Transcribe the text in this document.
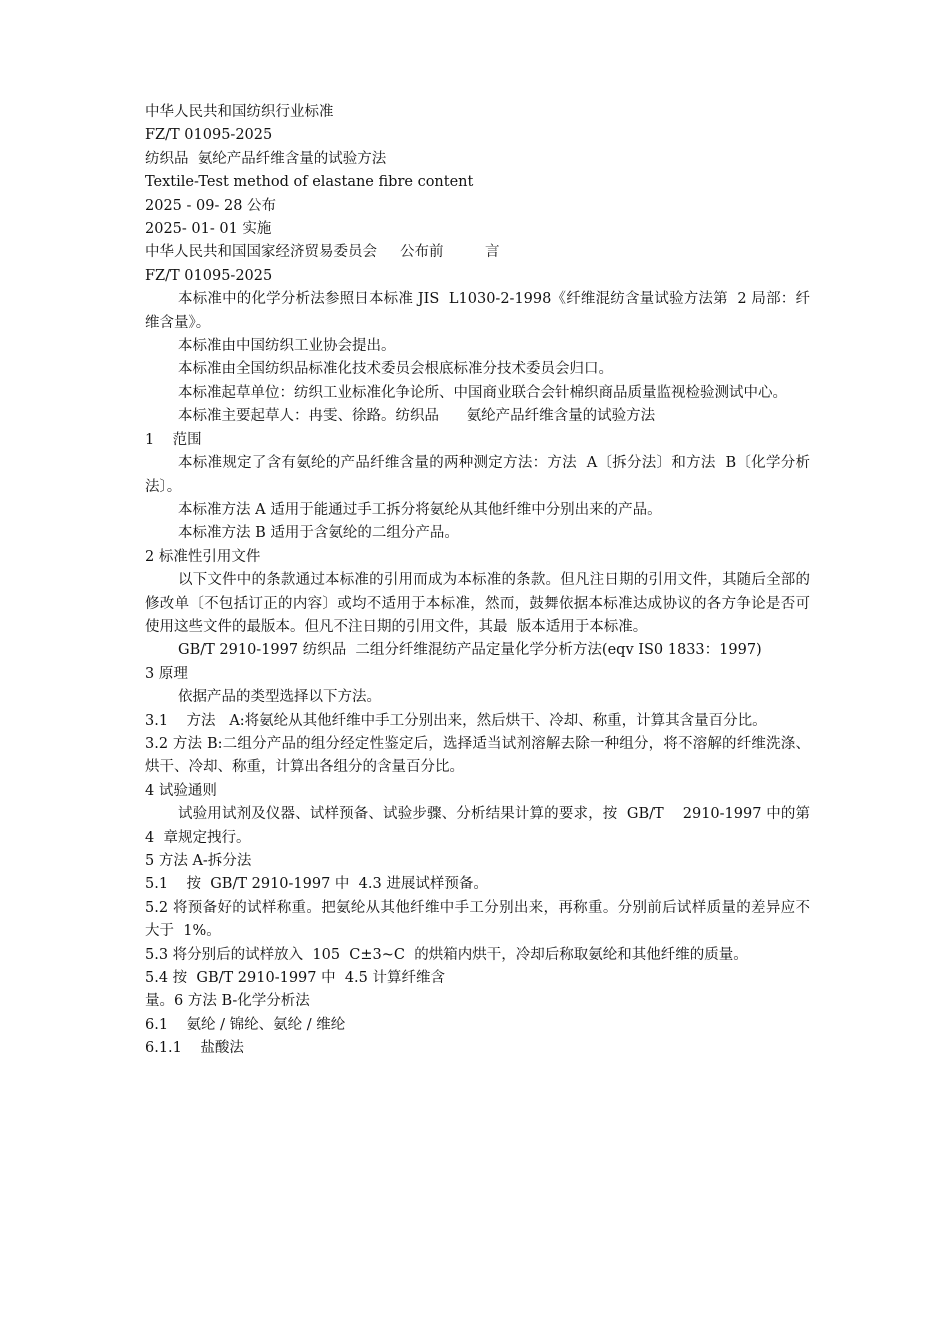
中华人民共和国纺织行业标准
FZ/T 01095-2025
纺织品  氨纶产品纤维含量的试验方法
Textile-Test method of elastane fibre content
2025 - 09- 28 公布
2025- 01- 01 实施
中华人民共和国国家经济贸易委员会     公布前         言
FZ/T 01095-2025
本标准中的化学分析法参照日本标准 JIS  L1030-2-1998《纤维混纺含量试验方法第  2 局部：纤维含量》。
本标准由中国纺织工业协会提出。
本标准由全国纺织品标准化技术委员会根底标准分技术委员会归口。
本标准起草单位：纺织工业标准化争论所、中国商业联合会针棉织商品质量监视检验测试中心。
本标准主要起草人：冉雯、徐路。纺织品      氨纶产品纤维含量的试验方法
1    范围
本标准规定了含有氨纶的产品纤维含量的两种测定方法：方法  A〔拆分法〕和方法  B〔化学分析法〕。
本标准方法 A 适用于能通过手工拆分将氨纶从其他纤维中分别出来的产品。
本标准方法 B 适用于含氨纶的二组分产品。
2 标准性引用文件
以下文件中的条款通过本标准的引用而成为本标准的条款。但凡注日期的引用文件，其随后全部的修改单〔不包括订正的内容〕或均不适用于本标准，然而，鼓舞依据本标准达成协议的各方争论是否可使用这些文件的最版本。但凡不注日期的引用文件，其最  版本适用于本标准。
GB/T 2910-1997 纺织品  二组分纤维混纺产品定量化学分析方法(eqv IS0 1833：1997)
3 原理
依据产品的类型选择以下方法。
3.1    方法   A:将氨纶从其他纤维中手工分别出来，然后烘干、冷却、称重，计算其含量百分比。
3.2 方法 B:二组分产品的组分经定性鉴定后，选择适当试剂溶解去除一种组分，将不溶解的纤维洗涤、烘干、冷却、称重，计算出各组分的含量百分比。
4 试验通则
试验用试剂及仪器、试样预备、试验步骤、分析结果计算的要求，按  GB/T    2910-1997 中的第  4  章规定拽行。
5 方法 A-拆分法
5.1    按  GB/T 2910-1997 中  4.3 进展试样预备。
5.2 将预备好的试样称重。把氨纶从其他纤维中手工分别出来，再称重。分别前后试样质量的差异应不大于  1%。
5.3 将分别后的试样放入  105  C±3~C  的烘箱内烘干，冷却后称取氨纶和其他纤维的质量。
5.4 按  GB/T 2910-1997 中  4.5 计算纤维含
量。6 方法 B-化学分析法
6.1    氨纶 / 锦纶、氨纶 / 维纶
6.1.1    盐酸法
